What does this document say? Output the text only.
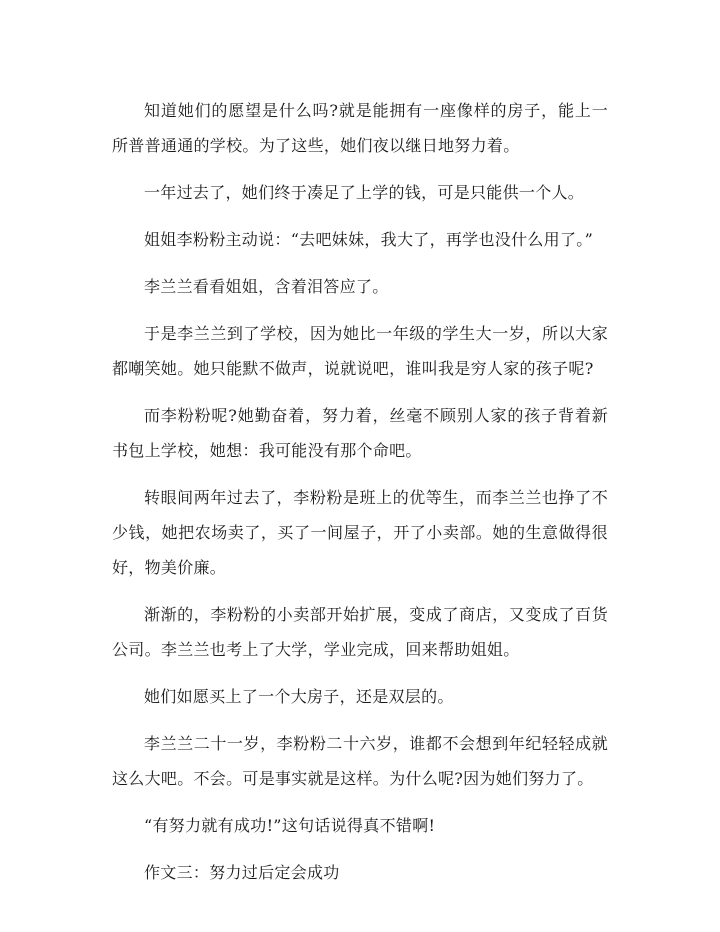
知道她们的愿望是什么吗?就是能拥有一座像样的房子，能上一所普普通通的学校。为了这些，她们夜以继日地努力着。

一年过去了，她们终于凑足了上学的钱，可是只能供一个人。

姐姐李粉粉主动说：“去吧妹妹，我大了，再学也没什么用了。”

李兰兰看看姐姐，含着泪答应了。

于是李兰兰到了学校，因为她比一年级的学生大一岁，所以大家都嘲笑她。她只能默不做声，说就说吧，谁叫我是穷人家的孩子呢?

而李粉粉呢?她勤奋着，努力着，丝毫不顾别人家的孩子背着新书包上学校，她想：我可能没有那个命吧。

转眼间两年过去了，李粉粉是班上的优等生，而李兰兰也挣了不少钱，她把农场卖了，买了一间屋子，开了小卖部。她的生意做得很好，物美价廉。

渐渐的，李粉粉的小卖部开始扩展，变成了商店，又变成了百货公司。李兰兰也考上了大学，学业完成，回来帮助姐姐。

她们如愿买上了一个大房子，还是双层的。

李兰兰二十一岁，李粉粉二十六岁，谁都不会想到年纪轻轻成就这么大吧。不会。可是事实就是这样。为什么呢?因为她们努力了。

“有努力就有成功!”这句话说得真不错啊!

作文三：努力过后定会成功
